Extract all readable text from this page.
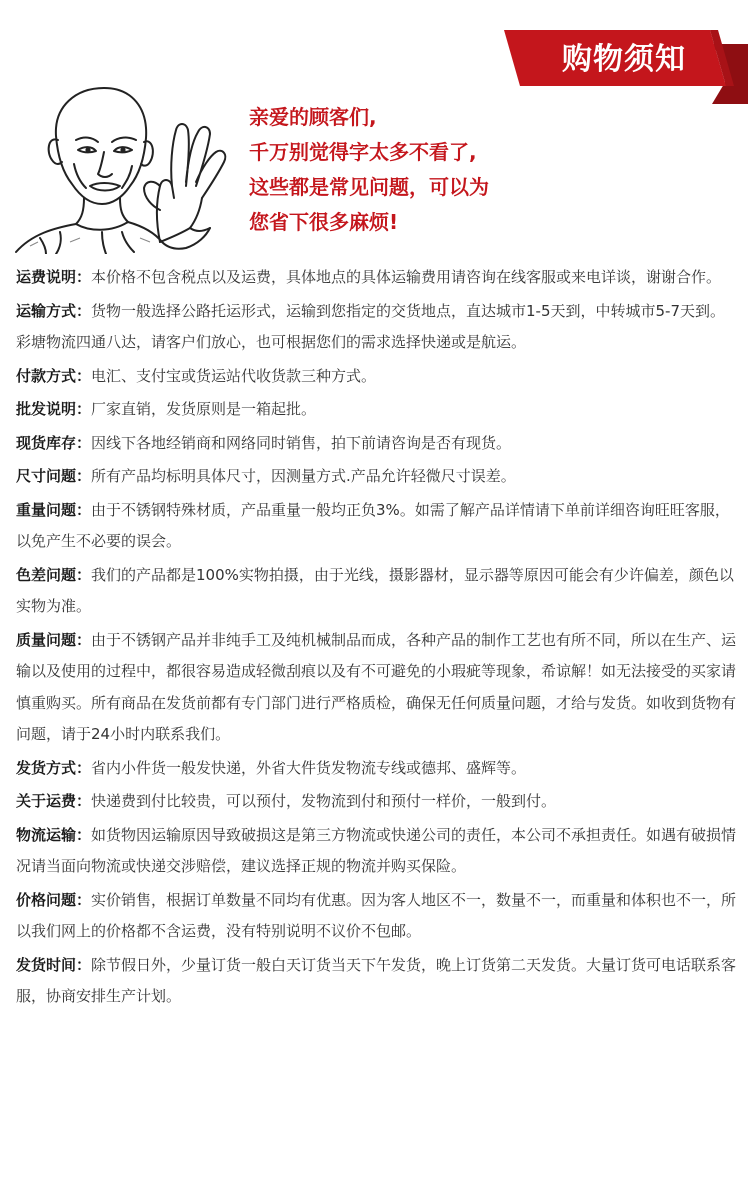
购物须知
亲爱的顾客们,
千万别觉得字太多不看了,
这些都是常见问题，可以为
您省下很多麻烦!
运费说明：本价格不包含税点以及运费，具体地点的具体运输费用请咨询在线客服或来电详谈，谢谢合作。
运输方式：货物一般选择公路托运形式，运输到您指定的交货地点，直达城市1-5天到，中转城市5-7天到。彩塘物流四通八达，请客户们放心，也可根据您们的需求选择快递或是航运。
付款方式：电汇、支付宝或货运站代收货款三种方式。
批发说明：厂家直销，发货原则是一箱起批。
现货库存：因线下各地经销商和网络同时销售，拍下前请咨询是否有现货。
尺寸问题：所有产品均标明具体尺寸，因测量方式.产品允许轻微尺寸误差。
重量问题：由于不锈钢特殊材质，产品重量一般均正负3%。如需了解产品详情请下单前详细咨询旺旺客服，以免产生不必要的误会。
色差问题：我们的产品都是100%实物拍摄，由于光线，摄影器材，显示器等原因可能会有少许偏差，颜色以实物为准。
质量问题：由于不锈钢产品并非纯手工及纯机械制品而成，各种产品的制作工艺也有所不同，所以在生产、运输以及使用的过程中，都很容易造成轻微刮痕以及有不可避免的小瑕疵等现象，希谅解！如无法接受的买家请慎重购买。所有商品在发货前都有专门部门进行严格质检，确保无任何质量问题，才给与发货。如收到货物有问题，请于24小时内联系我们。
发货方式：省内小件货一般发快递，外省大件货发物流专线或德邦、盛辉等。
关于运费：快递费到付比较贵，可以预付，发物流到付和预付一样价，一般到付。
物流运输：如货物因运输原因导致破损这是第三方物流或快递公司的责任，本公司不承担责任。如遇有破损情况请当面向物流或快递交涉赔偿，建议选择正规的物流并购买保险。
价格问题：实价销售，根据订单数量不同均有优惠。因为客人地区不一，数量不一，而重量和体积也不一，所以我们网上的价格都不含运费，没有特别说明不议价不包邮。
发货时间：除节假日外，少量订货一般白天订货当天下午发货，晚上订货第二天发货。大量订货可电话联系客服，协商安排生产计划。
